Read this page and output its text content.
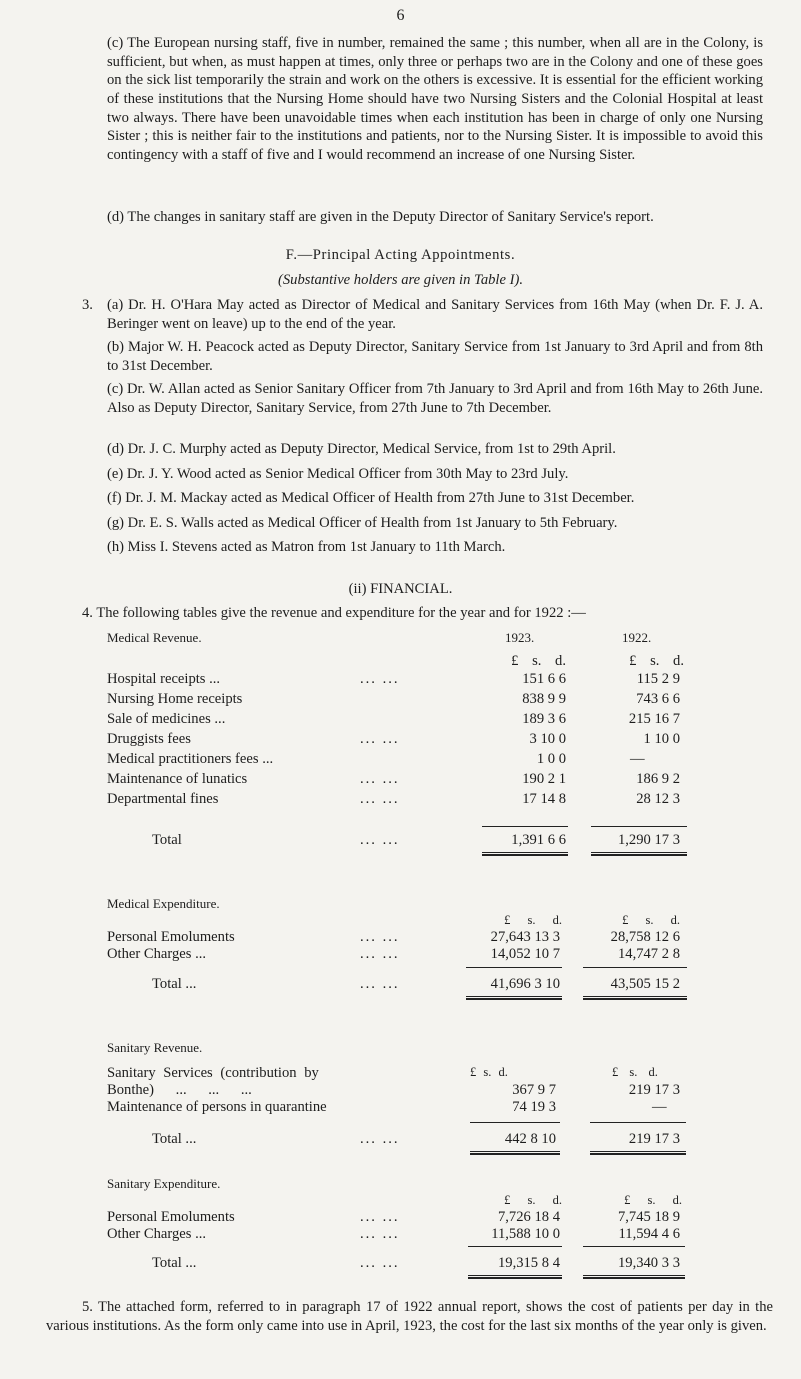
6
(c) The European nursing staff, five in number, remained the same ; this number, when all are in the Colony, is sufficient, but when, as must happen at times, only three or perhaps two are in the Colony and one of these goes on the sick list temporarily the strain and work on the others is excessive. It is essential for the efficient working of these institutions that the Nursing Home should have two Nursing Sisters and the Colonial Hospital at least two always. There have been unavoidable times when each institution has been in charge of only one Nursing Sister ; this is neither fair to the institutions and patients, nor to the Nursing Sister. It is impossible to avoid this contingency with a staff of five and I would recommend an increase of one Nursing Sister.
(d) The changes in sanitary staff are given in the Deputy Director of Sanitary Service's report.
F.—Principal Acting Appointments.
(Substantive holders are given in Table I).
3. (a) Dr. H. O'Hara May acted as Director of Medical and Sanitary Services from 16th May (when Dr. F. J. A. Beringer went on leave) up to the end of the year.
(b) Major W. H. Peacock acted as Deputy Director, Sanitary Service from 1st January to 3rd April and from 8th to 31st December.
(c) Dr. W. Allan acted as Senior Sanitary Officer from 7th January to 3rd April and from 16th May to 26th June. Also as Deputy Director, Sanitary Service, from 27th June to 7th December.
(d) Dr. J. C. Murphy acted as Deputy Director, Medical Service, from 1st to 29th April.
(e) Dr. J. Y. Wood acted as Senior Medical Officer from 30th May to 23rd July.
(f) Dr. J. M. Mackay acted as Medical Officer of Health from 27th June to 31st December.
(g) Dr. E. S. Walls acted as Medical Officer of Health from 1st January to 5th February.
(h) Miss I. Stevens acted as Matron from 1st January to 11th March.
(ii) FINANCIAL.
4. The following tables give the revenue and expenditure for the year and for 1922 :—
Medical Revenue.	1923.	1922.
£ s. d.	£ s. d.
Hospital receipts ...	... ...	151 6 6	115 2 9
Nursing Home receipts	838 9 9	743 6 6
Sale of medicines ...	189 3 6	215 16 7
Druggists fees	... ...	3 10 0	1 10 0
Medical practitioners fees ...	1 0 0	—
Maintenance of lunatics	... ...	190 2 1	186 9 2
Departmental fines	... ...	17 14 8	28 12 3
Total	... ...	1,391 6 6	1,290 17 3
Medical Expenditure.
£ s. d.	£ s. d.
Personal Emoluments	... ...	27,643 13 3	28,758 12 6
Other Charges ...	... ...	14,052 10 7	14,747 2 8
Total ...	... ...	41,696 3 10	43,505 15 2
Sanitary Revenue.
Sanitary Services (contribution by	£ s. d.	£ s. d.
Bonthe) ... ... ...	367 9 7	219 17 3
Maintenance of persons in quarantine	74 19 3	—
Total ...	... ...	442 8 10	219 17 3
Sanitary Expenditure.
£ s. d.	£ s. d.
Personal Emoluments	... ...	7,726 18 4	7,745 18 9
Other Charges ...	... ...	11,588 10 0	11,594 4 6
Total ...	... ...	19,315 8 4	19,340 3 3
5. The attached form, referred to in paragraph 17 of 1922 annual report, shows the cost of patients per day in the various institutions. As the form only came into use in April, 1923, the cost for the last six months of the year only is given.
